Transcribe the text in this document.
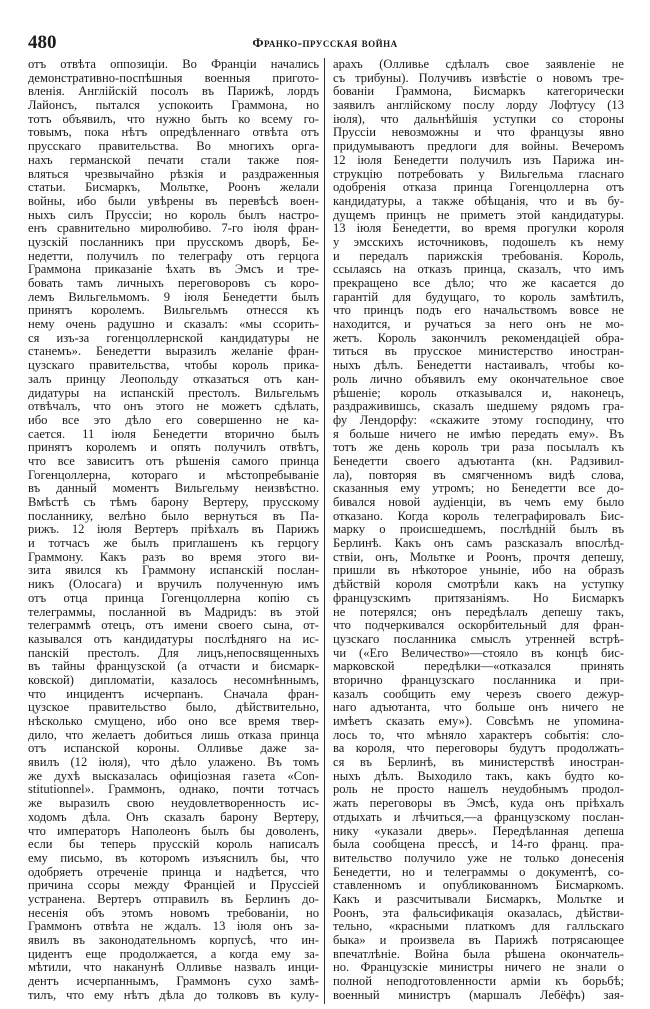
480	Франко-прусская война
отъ отвѣта оппозиціи. Во Франціи начались
демонстративно-поспѣшныя военныя пригото-
вленія. Англійскій посолъ въ Парижѣ, лордъ
Лайонсъ, пытался успокоить Граммона, но
тотъ объявилъ, что нужно быть ко всему го-
товымъ, пока нѣтъ опредѣленнаго отвѣта отъ
прусскаго правительства. Во многихъ орга-
нахъ германской печати стали также поя-
вляться чрезвычайно рѣзкія и раздраженныя
статьи. Бисмаркъ, Мольтке, Роонъ желали
войны, ибо были увѣрены въ перевѣсѣ воен-
ныхъ силъ Пруссіи; но король былъ настро-
енъ сравнительно миролюбиво. 7-го іюля фран-
цузскій посланникъ при прусскомъ дворѣ, Бе-
недетти, получилъ по телеграфу отъ герцога
Граммона приказаніе ѣхать въ Эмсъ и тре-
бовать тамъ личныхъ переговоровъ съ коро-
лемъ Вильгельмомъ. 9 іюля Бенедетти былъ
принятъ королемъ. Вильгельмъ отнесся къ
нему очень радушно и сказалъ: «мы ссорить-
ся изъ-за гогенцоллернской кандидатуры не
станемъ». Бенедетти выразилъ желаніе фран-
цузскаго правительства, чтобы король прика-
залъ принцу Леопольду отказаться отъ кан-
дидатуры на испанскій престолъ. Вильгельмъ
отвѣчалъ, что онъ этого не можетъ сдѣлать,
ибо все это дѣло его совершенно не ка-
сается. 11 іюля Бенедетти вторично былъ
принятъ королемъ и опять получилъ отвѣтъ,
что все зависитъ отъ рѣшенія самого принца
Гогенцоллерна, котораго и мѣстопребываніе
въ данный моментъ Вильгельму неизвѣстно.
Вмѣстѣ съ тѣмъ барону Вертеру, прусскому
посланнику, велѣно было вернуться въ Па-
рижъ. 12 іюля Вертеръ пріѣхалъ въ Парижъ
и тотчасъ же былъ приглашенъ къ герцогу
Граммону. Какъ разъ во время этого ви-
зита явился къ Граммону испанскій послан-
никъ (Олосага) и вручилъ полученную имъ
отъ отца принца Гогенцоллерна копію съ
телеграммы, посланной въ Мадридъ: въ этой
телеграммѣ отецъ, отъ имени своего сына, от-
казывался отъ кандидатуры послѣдняго на ис-
панскій престолъ. Для лицъ,непосвященныхъ
въ тайны французской (а отчасти и бисмарк-
ковской) дипломатіи, казалось несомнѣннымъ,
что инцидентъ исчерпанъ. Сначала фран-
цузское правительство было, дѣйствительно,
нѣсколько смущено, ибо оно все время твер-
дило, что желаетъ добиться лишь отказа принца
отъ испанской короны. Олливье даже за-
явилъ (12 іюля), что дѣло улажено. Въ томъ
же духѣ высказалась офиціозная газета «Con-
stitutionnel». Граммонъ, однако, почти тотчасъ
же выразилъ свою неудовлетворенность ис-
ходомъ дѣла. Онъ сказалъ барону Вертеру,
что императоръ Наполеонъ былъ бы доволенъ,
если бы теперь прусскій король написалъ
ему письмо, въ которомъ изъяснилъ бы, что
одобряетъ отреченіе принца и надѣется, что
причина ссоры между Франціей и Пруссіей
устранена. Вертеръ отправилъ въ Берлинъ до-
несенія объ этомъ новомъ требованіи, но
Граммонъ отвѣта не ждалъ. 13 іюля онъ за-
явилъ въ законодательномъ корпусѣ, что ин-
цидентъ еще продолжается, а когда ему за-
мѣтили, что наканунѣ Олливье назвалъ инци-
дентъ исчерпаннымъ, Граммонъ сухо замѣ-
тилъ, что ему нѣтъ дѣла до толковъ въ кулу-
арахъ (Олливье сдѣлалъ свое заявленіе не
съ трибуны). Получивъ извѣстіе о новомъ тре-
бованіи Граммона, Бисмаркъ категорически
заявилъ англійскому послу лорду Лофтусу (13
іюля), что дальнѣйшія уступки со стороны
Пруссіи невозможны и что французы явно
придумываютъ предлоги для войны. Вечеромъ
12 іюля Бенедетти получилъ изъ Парижа ин-
струкцію потребовать у Вильгельма гласнаго
одобренія отказа принца Гогенцоллерна отъ
кандидатуры, а также обѣщанія, что и въ бу-
дущемъ принцъ не приметъ этой кандидатуры.
13 іюля Бенедетти, во время прогулки короля
у эмсскихъ источниковъ, подошелъ къ нему
и передалъ парижскія требованія. Король,
ссылаясь на отказъ принца, сказалъ, что имъ
прекращено все дѣло; что же касается до
гарантій для будущаго, то король замѣтилъ,
что принцъ подъ его начальствомъ вовсе не
находится, и ручаться за него онъ не мо-
жетъ. Король закончилъ рекомендаціей обра-
титься въ прусское министерство иностран-
ныхъ дѣлъ. Бенедетти настаивалъ, чтобы ко-
роль лично объявилъ ему окончательное свое
рѣшеніе; король отказывался и, наконецъ,
раздраживишсь, сказалъ шедшему рядомъ гра-
фу Лендорфу: «скажите этому господину, что
я больше ничего не имѣю передать ему». Въ
тотъ же день король три раза посылалъ къ
Бенедетти своего адъютанта (кн. Радзивил-
ла), повторяя въ смягченномъ видѣ слова,
сказанныя ему утромъ; но Бенедетти все до-
бивался новой аудіенціи, въ чемъ ему было
отказано. Когда король телеграфировалъ Бис-
марку о происшедшемъ, послѣдній былъ въ
Берлинѣ. Какъ онъ самъ разсказалъ впослѣд-
ствіи, онъ, Мольтке и Роонъ, прочтя депешу,
пришли въ нѣкоторое уныніе, ибо на образъ
дѣйствій короля смотрѣли какъ на уступку
французскимъ притязаніямъ. Но Бисмаркъ
не потерялся; онъ передѣлалъ депешу такъ,
что подчеркивался оскорбительный для фран-
цузскаго посланника смыслъ утренней встрѣ-
чи («Его Величество»—стояло въ концѣ бис-
марковской передѣлки—«отказался принять
вторично французскаго посланника и при-
казалъ сообщить ему черезъ своего дежур-
наго адъютанта, что больше онъ ничего не
имѣетъ сказать ему»). Совсѣмъ не упомина-
лось то, что мѣняло характеръ событія: сло-
ва короля, что переговоры будутъ продолжать-
ся въ Берлинѣ, въ министерствѣ иностран-
ныхъ дѣлъ. Выходило такъ, какъ будто ко-
роль не просто нашелъ неудобнымъ продол-
жать переговоры въ Эмсѣ, куда онъ пріѣхалъ
отдыхать и лѣчиться,—а французскому послан-
нику «указали дверь». Передѣланная депеша
была сообщена прессѣ, и 14-го франц. пра-
вительство получило уже не только донесенія
Бенедетти, но и телеграммы о документѣ, со-
ставленномъ и опубликованномъ Бисмаркомъ.
Какъ и разсчитывали Бисмаркъ, Мольтке и
Роонъ, эта фальсификація оказалась, дѣйстви-
тельно, «красными платкомъ для галльскаго
быка» и произвела въ Парижѣ потрясающее
впечатлѣніе. Война была рѣшена окончатель-
но. Французскіе министры ничего не знали о
полной неподготовленности арміи къ борьбѣ;
военный министръ (маршалъ Лебёфъ) зая-
